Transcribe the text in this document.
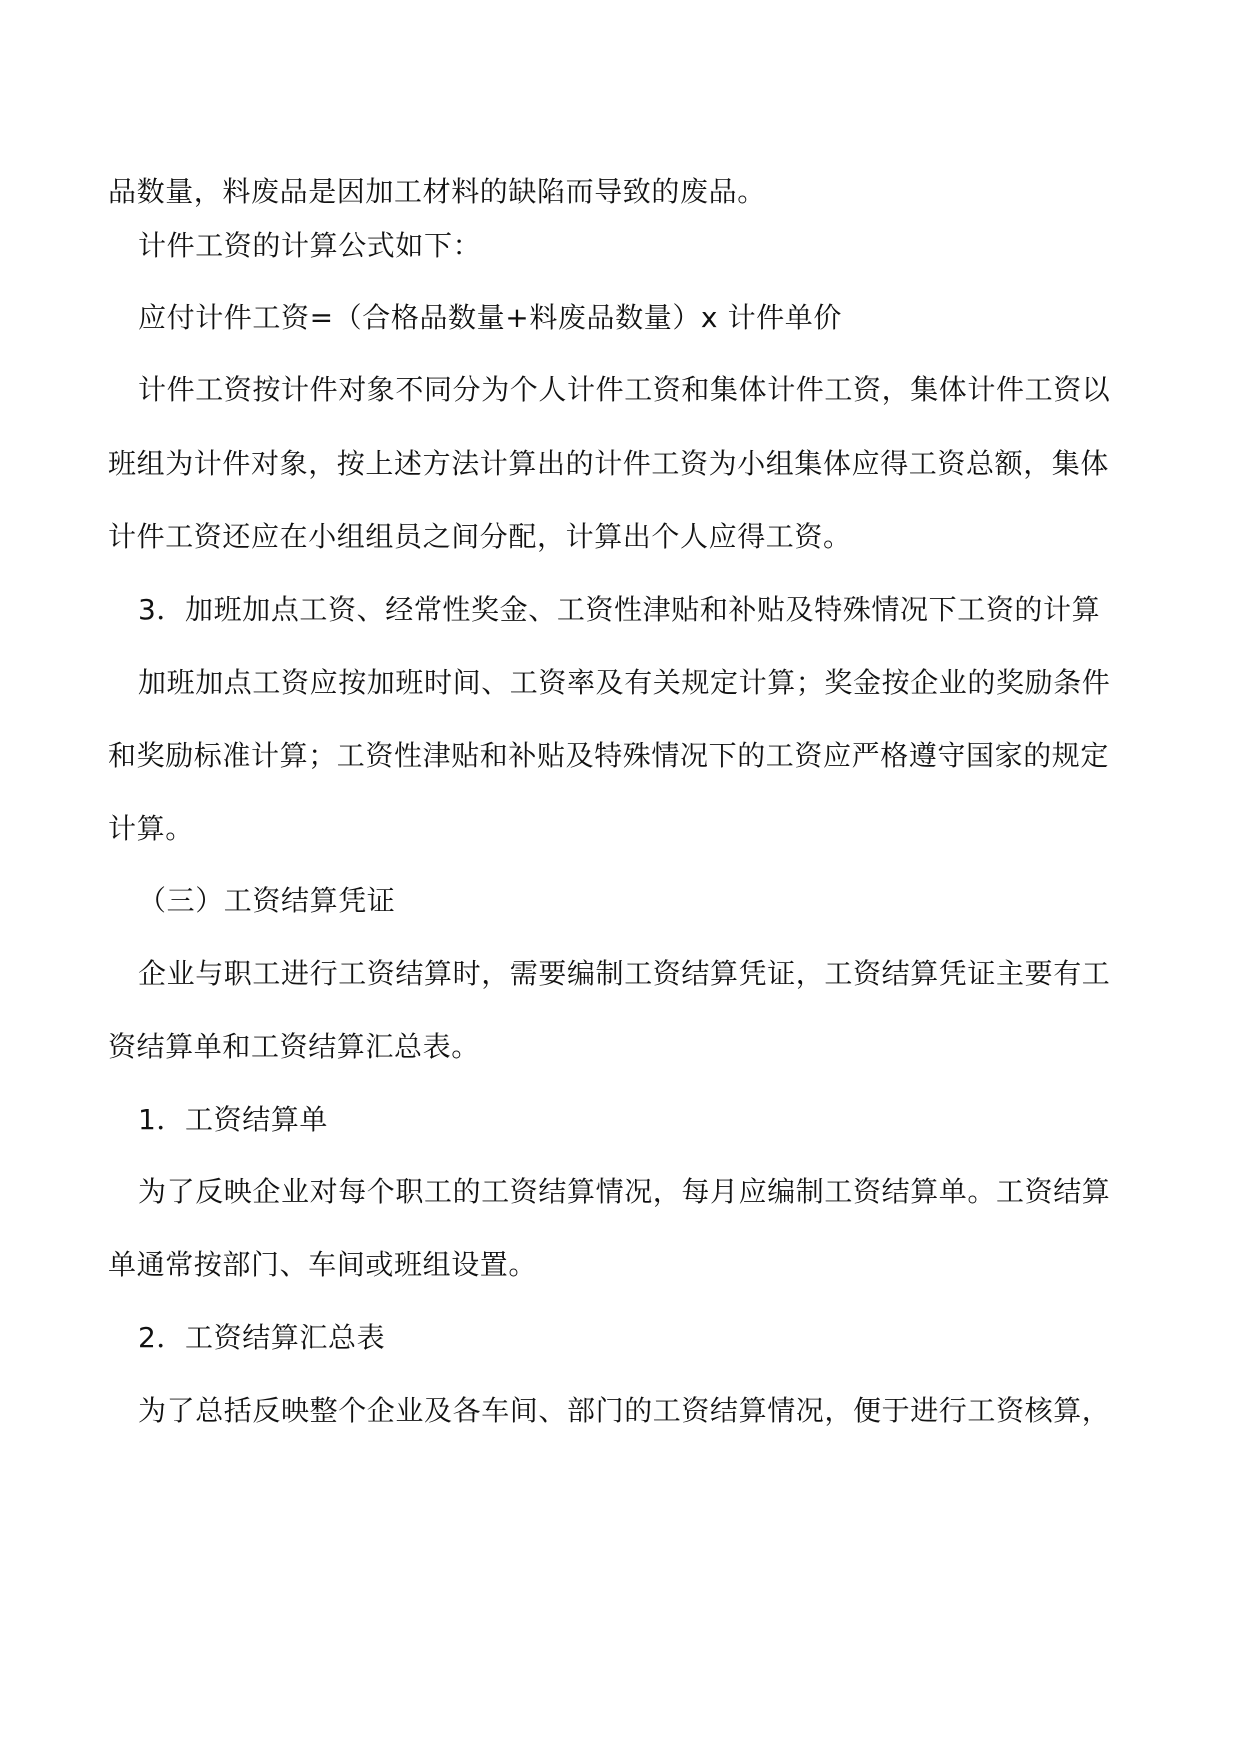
品数量，料废品是因加工材料的缺陷而导致的废品。
计件工资的计算公式如下：
应付计件工资=（合格品数量+料废品数量）x 计件单价
计件工资按计件对象不同分为个人计件工资和集体计件工资，集体计件工资以
班组为计件对象，按上述方法计算出的计件工资为小组集体应得工资总额，集体
计件工资还应在小组组员之间分配，计算出个人应得工资。
3．加班加点工资、经常性奖金、工资性津贴和补贴及特殊情况下工资的计算
加班加点工资应按加班时间、工资率及有关规定计算；奖金按企业的奖励条件
和奖励标准计算；工资性津贴和补贴及特殊情况下的工资应严格遵守国家的规定
计算。
（三）工资结算凭证
企业与职工进行工资结算时，需要编制工资结算凭证，工资结算凭证主要有工
资结算单和工资结算汇总表。
1．工资结算单
为了反映企业对每个职工的工资结算情况，每月应编制工资结算单。工资结算
单通常按部门、车间或班组设置。
2．工资结算汇总表
为了总括反映整个企业及各车间、部门的工资结算情况，便于进行工资核算，
